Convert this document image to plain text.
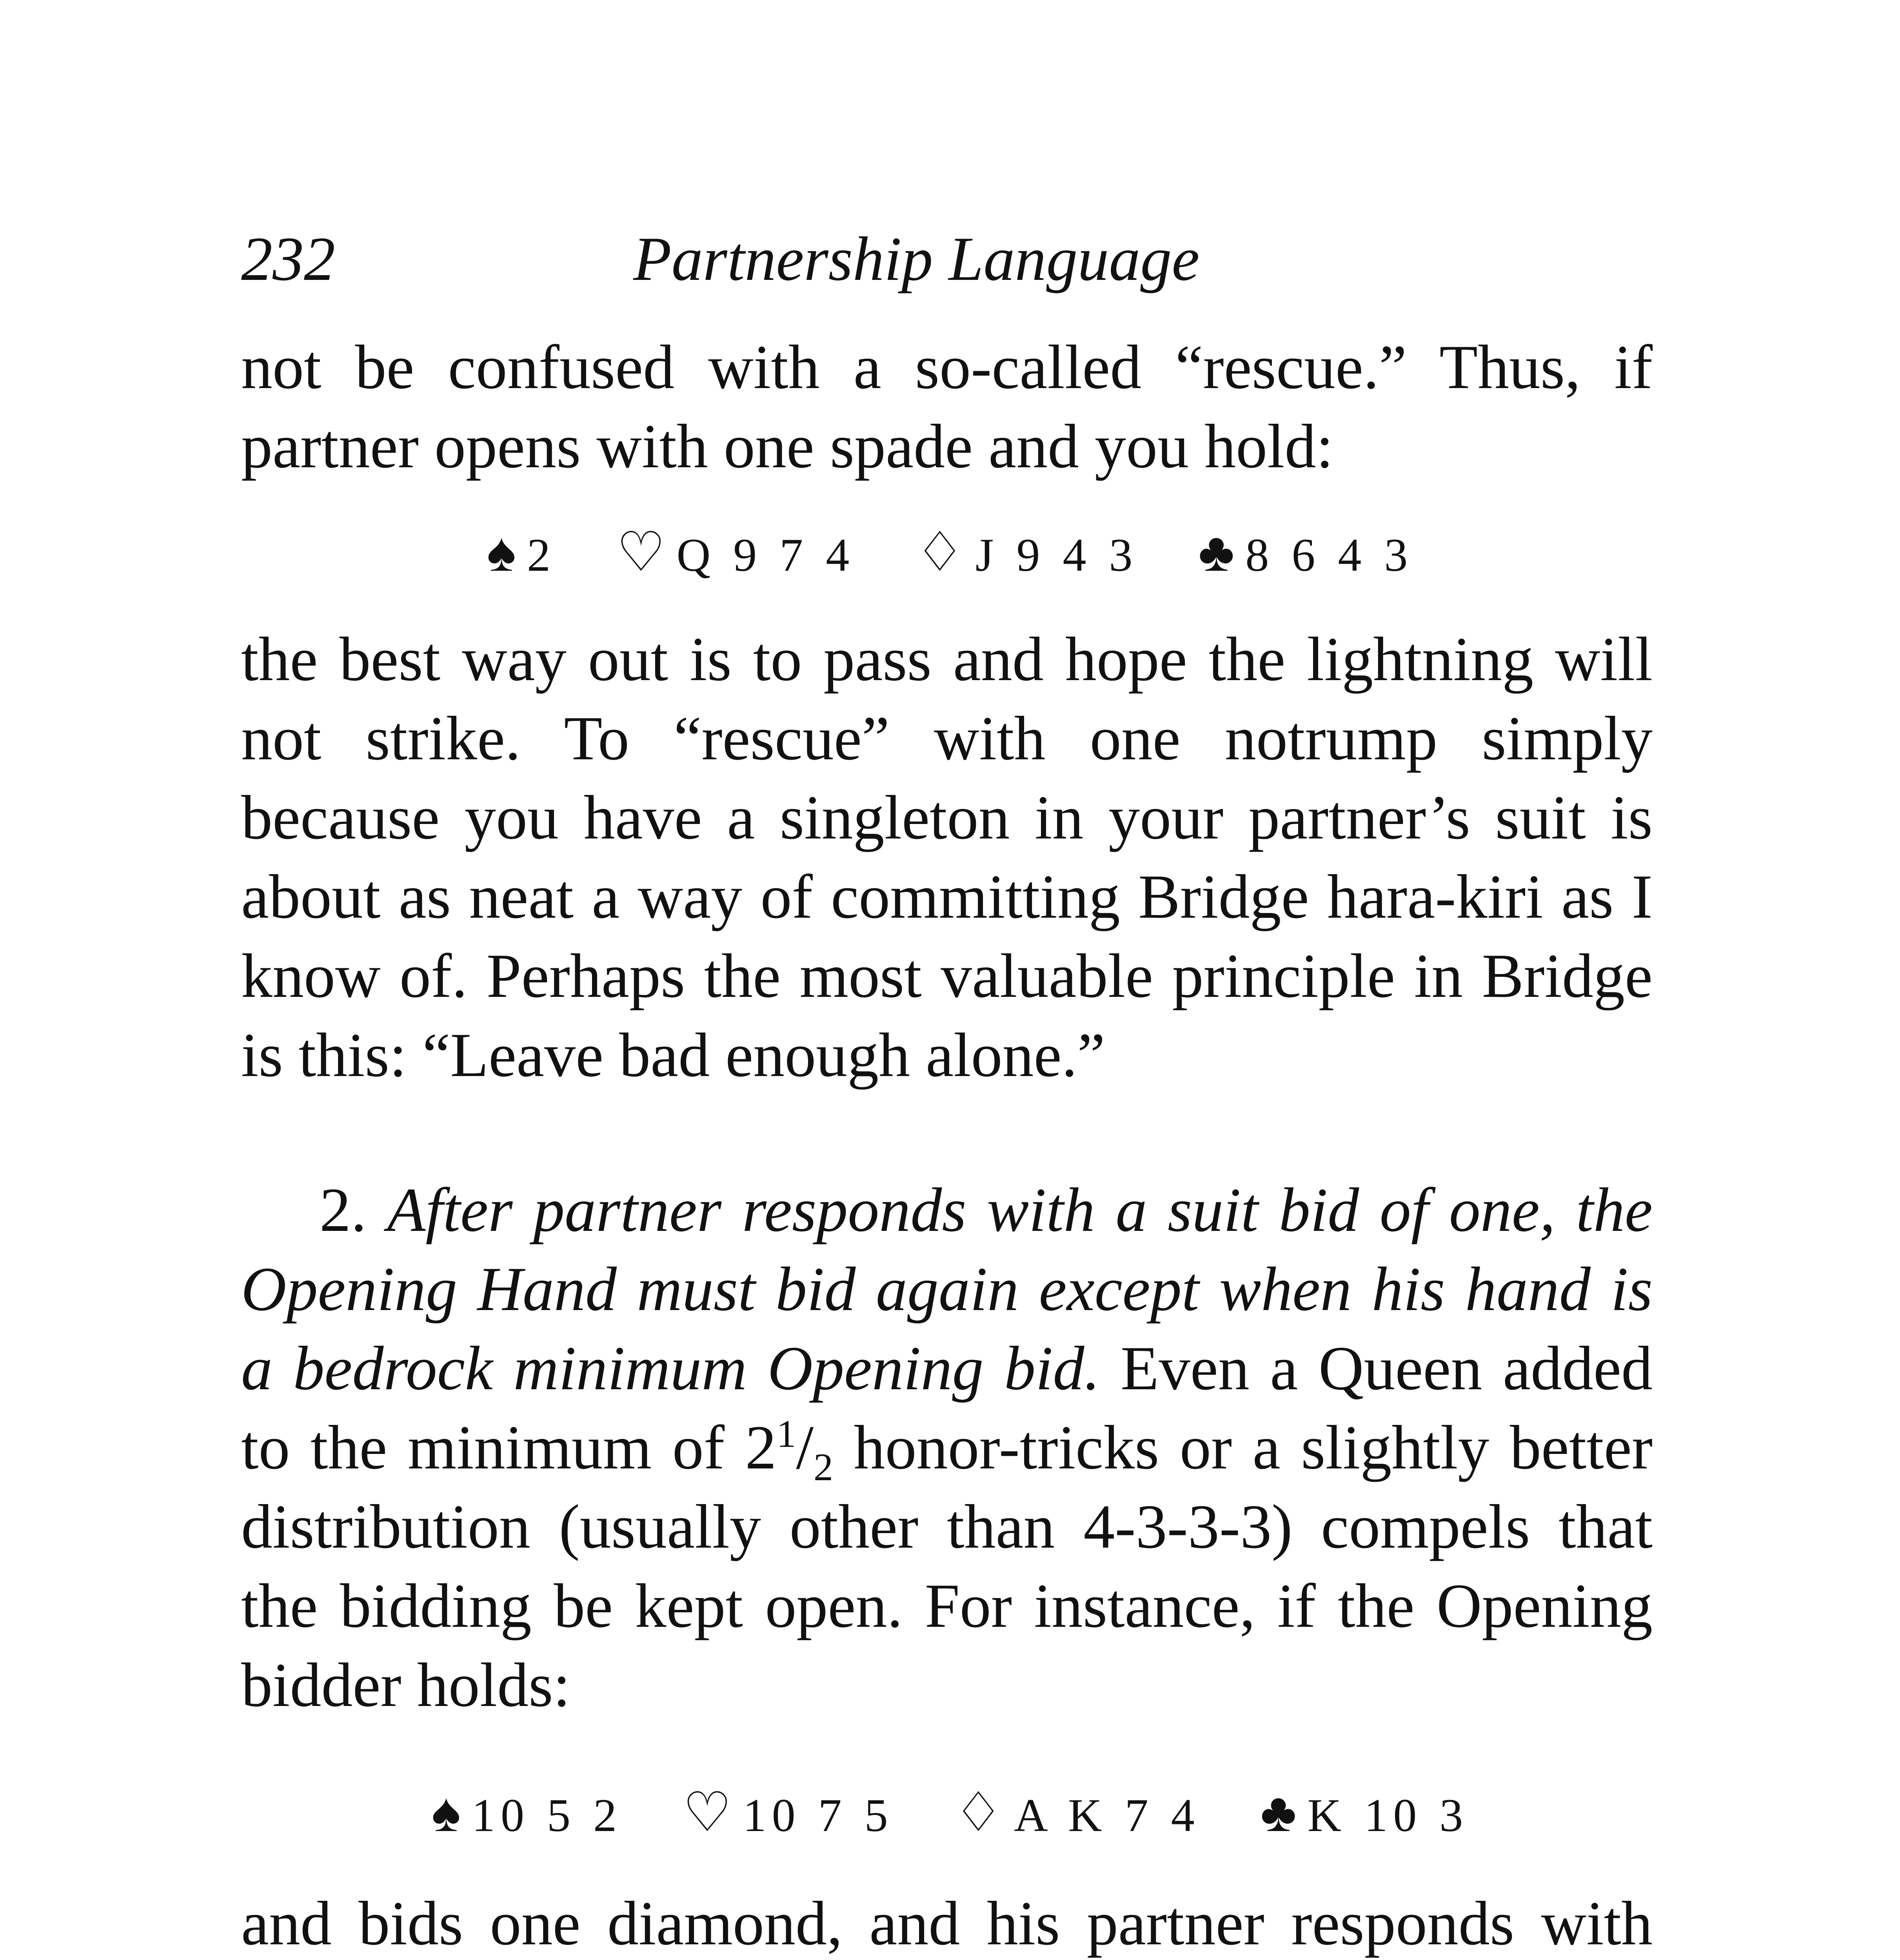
232	Partnership Language
not be confused with a so-called “rescue.” Thus, if partner opens with one spade and you hold:
♠ 2 ♡ Q 9 7 4 ♢ J 9 4 3 ♣ 8 6 4 3
the best way out is to pass and hope the lightning will not strike. To “rescue” with one notrump simply because you have a singleton in your partner’s suit is about as neat a way of committing Bridge hara-kiri as I know of. Perhaps the most valuable principle in Bridge is this: “Leave bad enough alone.”
2. After partner responds with a suit bid of one, the Opening Hand must bid again except when his hand is a bedrock minimum Opening bid. Even a Queen added to the minimum of $2^1/_2$ honor-tricks or a slightly better distribution (usually other than 4-3-3-3) compels that the bidding be kept open. For instance, if the Opening bidder holds:
♠ 10 5 2 ♡ 10 7 5 ♢ A K 7 4 ♣ K 10 3
and bids one diamond, and his partner responds with
